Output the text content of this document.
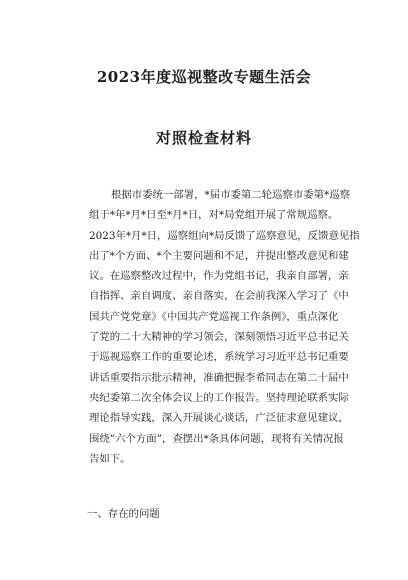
2023年度巡视整改专题生活会
对照检查材料
根据市委统一部署，*届市委第二轮巡察市委第*巡察
组于*年*月*日至*月*日，对*局党组开展了常规巡察。
2023年*月*日，巡察组向*局反馈了巡察意见，反馈意见指
出了*个方面、*个主要问题和不足，并提出整改意见和建
议。在巡察整改过程中，作为党组书记，我亲自部署，亲
自指挥、亲自调度、亲自落实，在会前我深入学习了《中
国共产党党章》《中国共产党巡视工作条例》，重点深化
了党的二十大精神的学习领会，深刻领悟习近平总书记关
于巡视巡察工作的重要论述，系统学习习近平总书记重要
讲话重要指示批示精神，准确把握李希同志在第二十届中
央纪委第二次全体会议上的工作报告。坚持理论联系实际
理论指导实践，深入开展谈心谈话，广泛征求意见建议，
围绕”六个方面”，查摆出*条具体问题，现将有关情况报
告如下。
一、存在的问题
